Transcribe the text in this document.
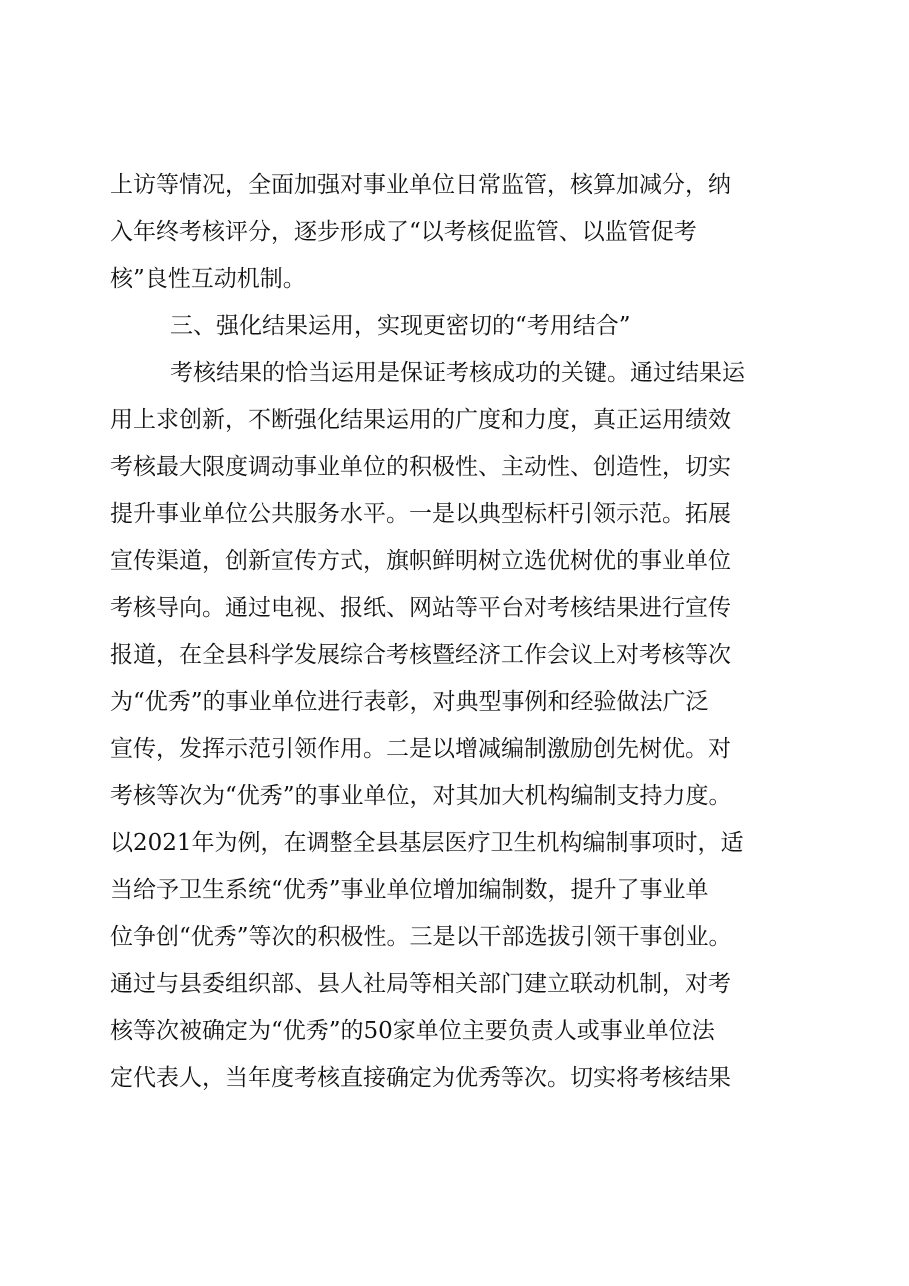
上访等情况，全面加强对事业单位日常监管，核算加减分，纳
入年终考核评分，逐步形成了“以考核促监管、以监管促考
核”良性互动机制。
三、强化结果运用，实现更密切的“考用结合”
考核结果的恰当运用是保证考核成功的关键。通过结果运
用上求创新，不断强化结果运用的广度和力度，真正运用绩效
考核最大限度调动事业单位的积极性、主动性、创造性，切实
提升事业单位公共服务水平。一是以典型标杆引领示范。拓展
宣传渠道，创新宣传方式，旗帜鲜明树立选优树优的事业单位
考核导向。通过电视、报纸、网站等平台对考核结果进行宣传
报道，在全县科学发展综合考核暨经济工作会议上对考核等次
为“优秀”的事业单位进行表彰，对典型事例和经验做法广泛
宣传，发挥示范引领作用。二是以增减编制激励创先树优。对
考核等次为“优秀”的事业单位，对其加大机构编制支持力度。
以2021年为例，在调整全县基层医疗卫生机构编制事项时，适
当给予卫生系统“优秀”事业单位增加编制数，提升了事业单
位争创“优秀”等次的积极性。三是以干部选拔引领干事创业。
通过与县委组织部、县人社局等相关部门建立联动机制，对考
核等次被确定为“优秀”的50家单位主要负责人或事业单位法
定代表人，当年度考核直接确定为优秀等次。切实将考核结果
